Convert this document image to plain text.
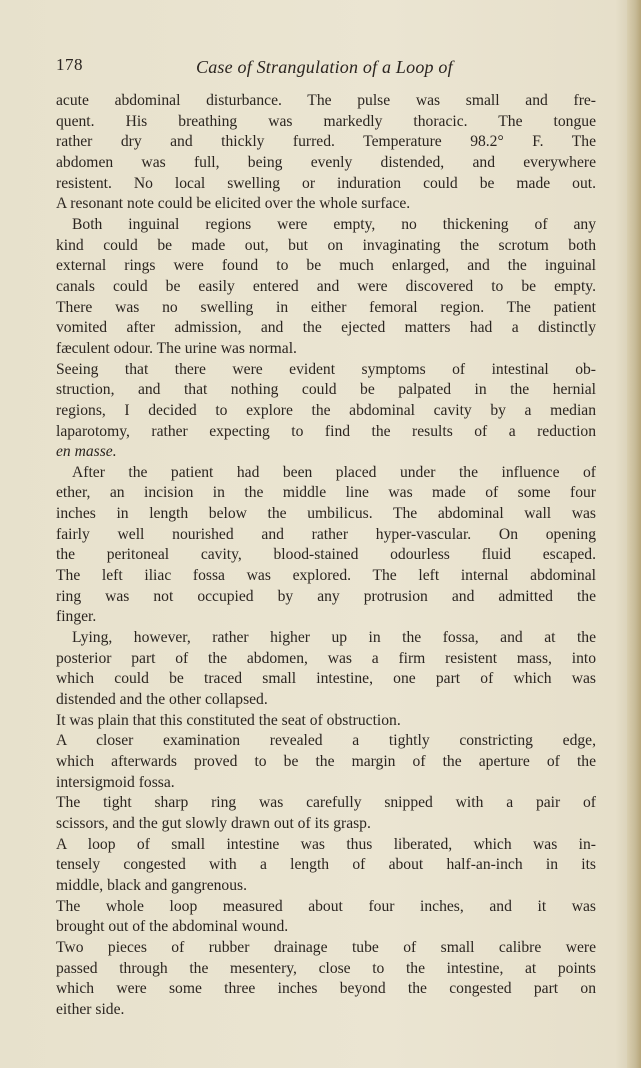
178	Case of Strangulation of a Loop of
acute abdominal disturbance. The pulse was small and fre-
quent. His breathing was markedly thoracic. The tongue
rather dry and thickly furred. Temperature 98.2° F. The
abdomen was full, being evenly distended, and everywhere
resistent. No local swelling or induration could be made out.
A resonant note could be elicited over the whole surface.
Both inguinal regions were empty, no thickening of any
kind could be made out, but on invaginating the scrotum both
external rings were found to be much enlarged, and the inguinal
canals could be easily entered and were discovered to be empty.
There was no swelling in either femoral region. The patient
vomited after admission, and the ejected matters had a distinctly
fæculent odour. The urine was normal.
Seeing that there were evident symptoms of intestinal ob-
struction, and that nothing could be palpated in the hernial
regions, I decided to explore the abdominal cavity by a median
laparotomy, rather expecting to find the results of a reduction
en masse.
After the patient had been placed under the influence of
ether, an incision in the middle line was made of some four
inches in length below the umbilicus. The abdominal wall was
fairly well nourished and rather hyper-vascular. On opening
the peritoneal cavity, blood-stained odourless fluid escaped.
The left iliac fossa was explored. The left internal abdominal
ring was not occupied by any protrusion and admitted the
finger.
Lying, however, rather higher up in the fossa, and at the
posterior part of the abdomen, was a firm resistent mass, into
which could be traced small intestine, one part of which was
distended and the other collapsed.
It was plain that this constituted the seat of obstruction.
A closer examination revealed a tightly constricting edge,
which afterwards proved to be the margin of the aperture of the
intersigmoid fossa.
The tight sharp ring was carefully snipped with a pair of
scissors, and the gut slowly drawn out of its grasp.
A loop of small intestine was thus liberated, which was in-
tensely congested with a length of about half-an-inch in its
middle, black and gangrenous.
The whole loop measured about four inches, and it was
brought out of the abdominal wound.
Two pieces of rubber drainage tube of small calibre were
passed through the mesentery, close to the intestine, at points
which were some three inches beyond the congested part on
either side.
